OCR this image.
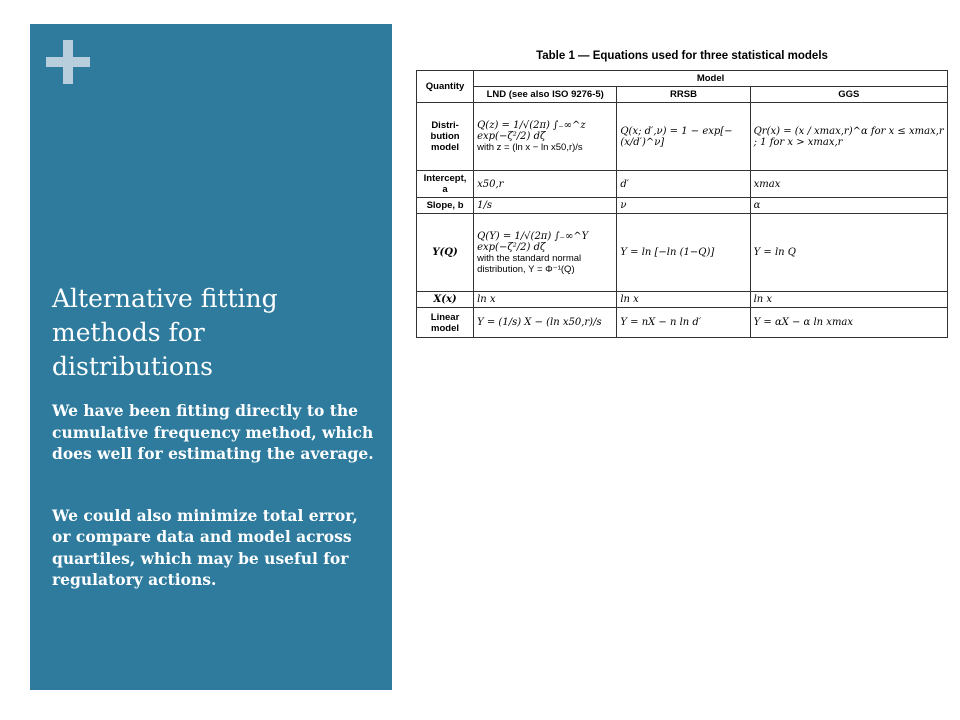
Alternative fitting methods for distributions

We have been fitting directly to the cumulative frequency method, which does well for estimating the average.

We could also minimize total error, or compare data and model across quartiles, which may be useful for regulatory actions.

Table 1 — Equations used for three statistical models
Quantity	Model		
	LND (see also ISO 9276-5)	RRSB	GGS
Distri-bution model	Q(z) = 1/√(2π) ∫₋∞^z exp(−ζ²/2) dζ
with z = (ln x − ln x50,r)/s	Q(x; d′,ν) = 1 − exp[−(x/d′)^ν]	Qr(x) = (x / xmax,r)^α for x ≤ xmax,r ; 1 for x > xmax,r
Intercept, a	x50,r	d′	xmax
Slope, b	1/s	ν	α
Y(Q)	Q(Y) = 1/√(2π) ∫₋∞^Y exp(−ζ²/2) dζ
with the standard normal distribution, Y = Φ⁻¹(Q)	Y = ln [−ln (1−Q)]	Y = ln Q
X(x)	ln x	ln x	ln x
Linear model	Y = (1/s) X − (ln x50,r)/s	Y = nX − n ln d′	Y = αX − α ln xmax
